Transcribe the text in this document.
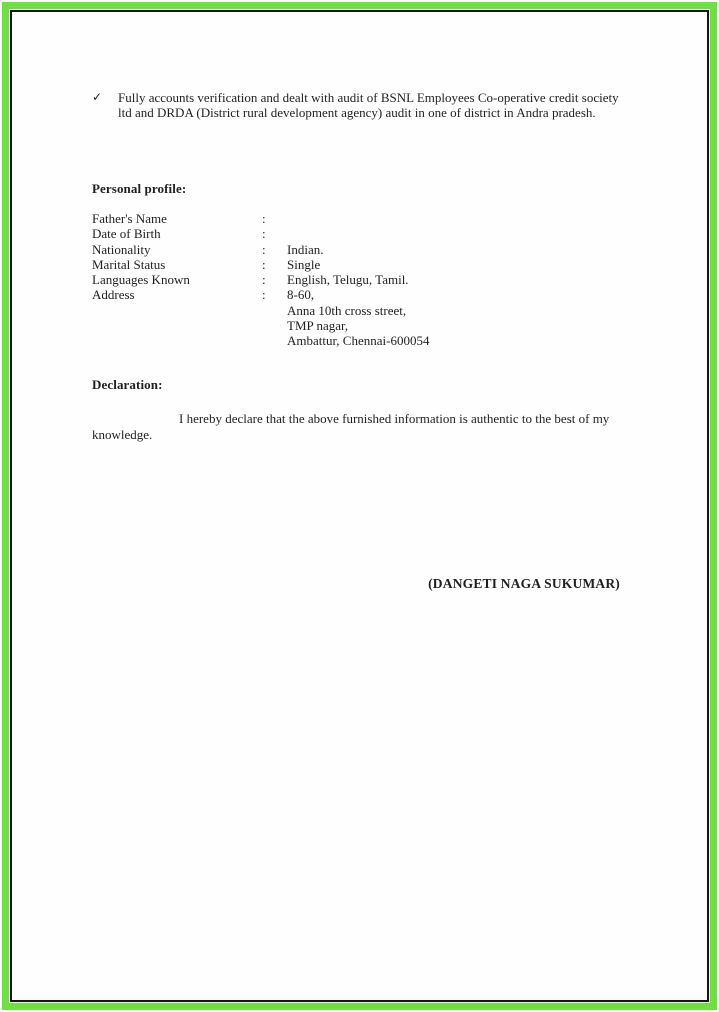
✓	Fully accounts verification and dealt with audit of BSNL Employees Co-operative credit society ltd and DRDA (District rural development agency) audit in one of district in Andra pradesh.
Personal profile:
Father's Name	:
Date of Birth	:
Nationality	:	Indian.
Marital Status	:	Single
Languages Known	:	English, Telugu, Tamil.
Address	:	8-60,
Anna 10th cross street,
TMP nagar,
Ambattur, Chennai-600054
Declaration:
I hereby declare that the above furnished information is authentic to the best of my knowledge.
(DANGETI NAGA SUKUMAR)
